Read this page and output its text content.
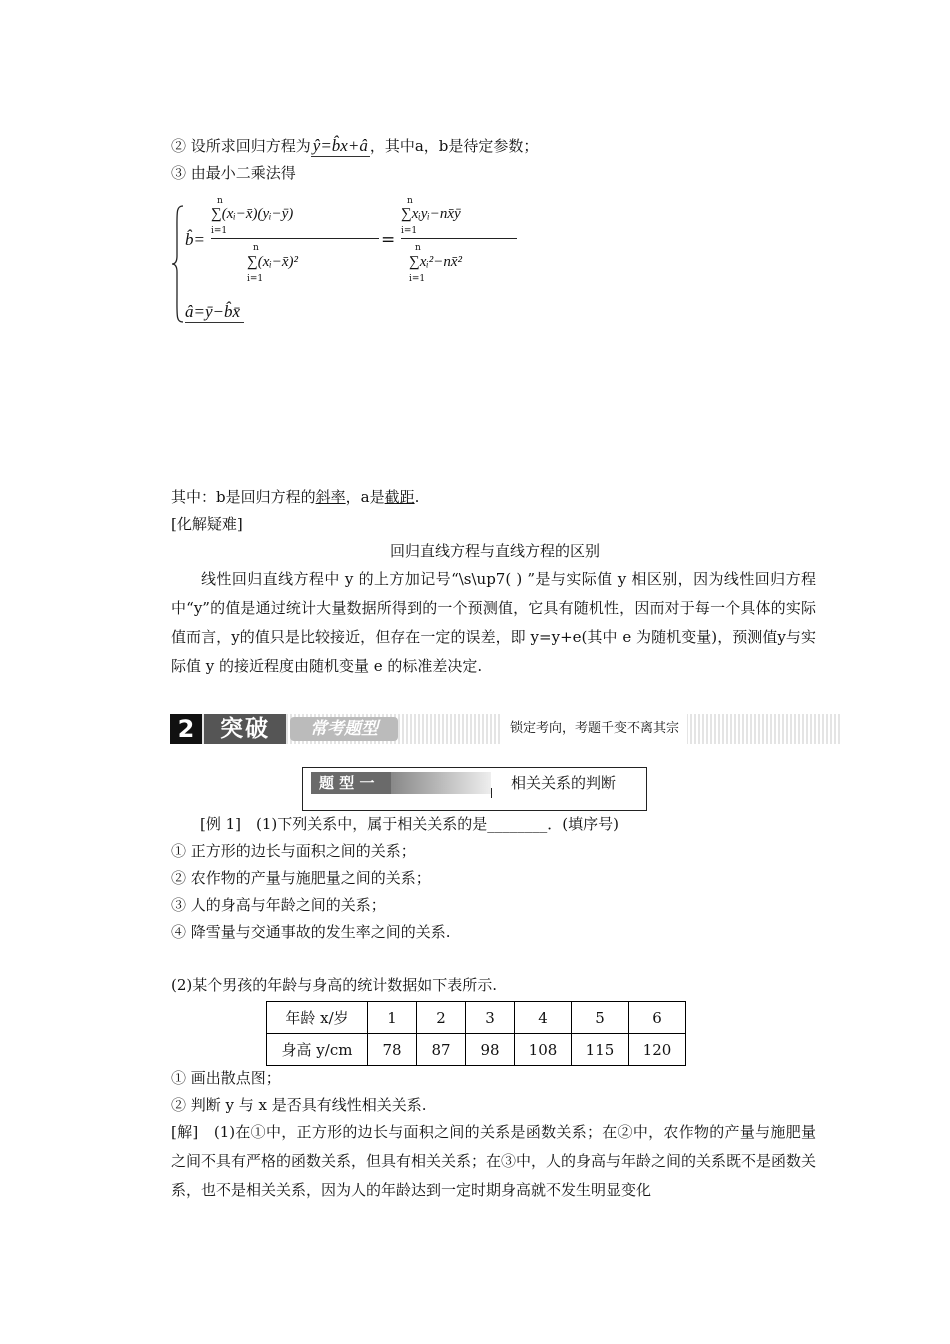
② 设所求回归方程为 ŷ=b̂x+â ，其中a，b是待定参数；
③ 由最小二乘法得
b̂=
n
i=1
∑(xᵢ−x̄)(yᵢ−ȳ)
n
i=1
∑(xᵢ−x̄)²
=
n
i=1
∑xᵢyᵢ−nx̄ȳ
n
i=1
∑xᵢ²−nx̄²
â=ȳ−b̂x̄
其中：b是回归方程的斜率，a是截距.
[化解疑难]
回归直线方程与直线方程的区别
线性回归直线方程中 y 的上方加记号“\s\up7( ) ”是与实际值 y 相区别，因为线性回归方程中“y”的值是通过统计大量数据所得到的一个预测值，它具有随机性，因而对于每一个具体的实际值而言，y的值只是比较接近，但存在一定的误差，即 y=y+e(其中 e 为随机变量)，预测值y与实际值 y 的接近程度由随机变量 e 的标准差决定.
2	突破	常考题型	锁定考向，考题千变不离其宗
题 型 一	相关关系的判断
[例 1]　(1)下列关系中，属于相关关系的是________．(填序号)
① 正方形的边长与面积之间的关系；
② 农作物的产量与施肥量之间的关系；
③ 人的身高与年龄之间的关系；
④ 降雪量与交通事故的发生率之间的关系.
(2)某个男孩的年龄与身高的统计数据如下表所示.
年龄 x/岁	1	2	3	4	5	6
身高 y/cm	78	87	98	108	115	120
① 画出散点图；
② 判断 y 与 x 是否具有线性相关关系.
[解]　(1)在①中，正方形的边长与面积之间的关系是函数关系；在②中，农作物的产量与施肥量之间不具有严格的函数关系，但具有相关关系；在③中，人的身高与年龄之间的关系既不是函数关系，也不是相关关系，因为人的年龄达到一定时期身高就不发生明显变化
